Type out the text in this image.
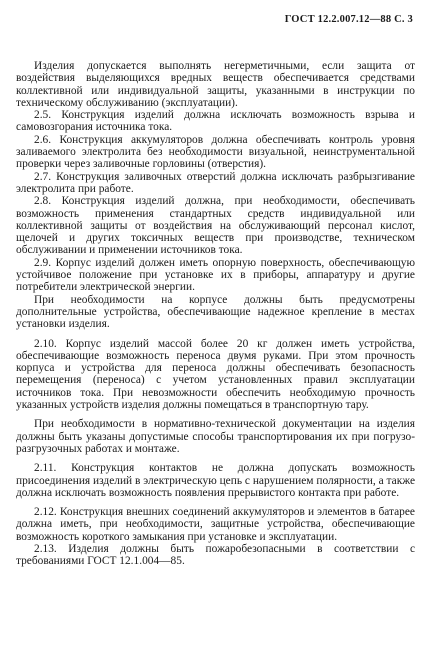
ГОСТ 12.2.007.12—88 С. 3

Изделия допускается выполнять негерметичными, если защита от воздействия выделяющихся вредных веществ обеспечивается средствами коллективной или индивидуальной защиты, указанными в инструкции по техническому обслуживанию (эксплуатации).

2.5. Конструкция изделий должна исключать возможность взрыва и самовозгорания источника тока.

2.6. Конструкция аккумуляторов должна обеспечивать контроль уровня заливаемого электролита без необходимости визуальной, неинструментальной проверки через заливочные горловины (отверстия).

2.7. Конструкция заливочных отверстий должна исключать разбрызгивание электролита при работе.

2.8. Конструкция изделий должна, при необходимости, обеспечивать возможность применения стандартных средств индивидуальной или коллективной защиты от воздействия на обслуживающий персонал кислот, щелочей и других токсичных веществ при производстве, техническом обслуживании и применении источников тока.

2.9. Корпус изделий должен иметь опорную поверхность, обеспечивающую устойчивое положение при установке их в приборы, аппаратуру и другие потребители электрической энергии.

При необходимости на корпусе должны быть предусмотрены дополнительные устройства, обеспечивающие надежное крепление в местах установки изделия.

2.10. Корпус изделий массой более 20 кг должен иметь устройства, обеспечивающие возможность переноса двумя руками. При этом прочность корпуса и устройства для переноса должны обеспечивать безопасность перемещения (переноса) с учетом установленных правил эксплуатации источников тока. При невозможности обеспечить необходимую прочность указанных устройств изделия должны помещаться в транспортную тару.

При необходимости в нормативно-технической документации на изделия должны быть указаны допустимые способы транспортирования их при погрузо-разгрузочных работах и монтаже.

2.11. Конструкция контактов не должна допускать возможность присоединения изделий в электрическую цепь с нарушением полярности, а также должна исключать возможность появления прерывистого контакта при работе.

2.12. Конструкция внешних соединений аккумуляторов и элементов в батарее должна иметь, при необходимости, защитные устройства, обеспечивающие возможность короткого замыкания при установке и эксплуатации.

2.13. Изделия должны быть пожаробезопасными в соответствии с требованиями ГОСТ 12.1.004—85.
